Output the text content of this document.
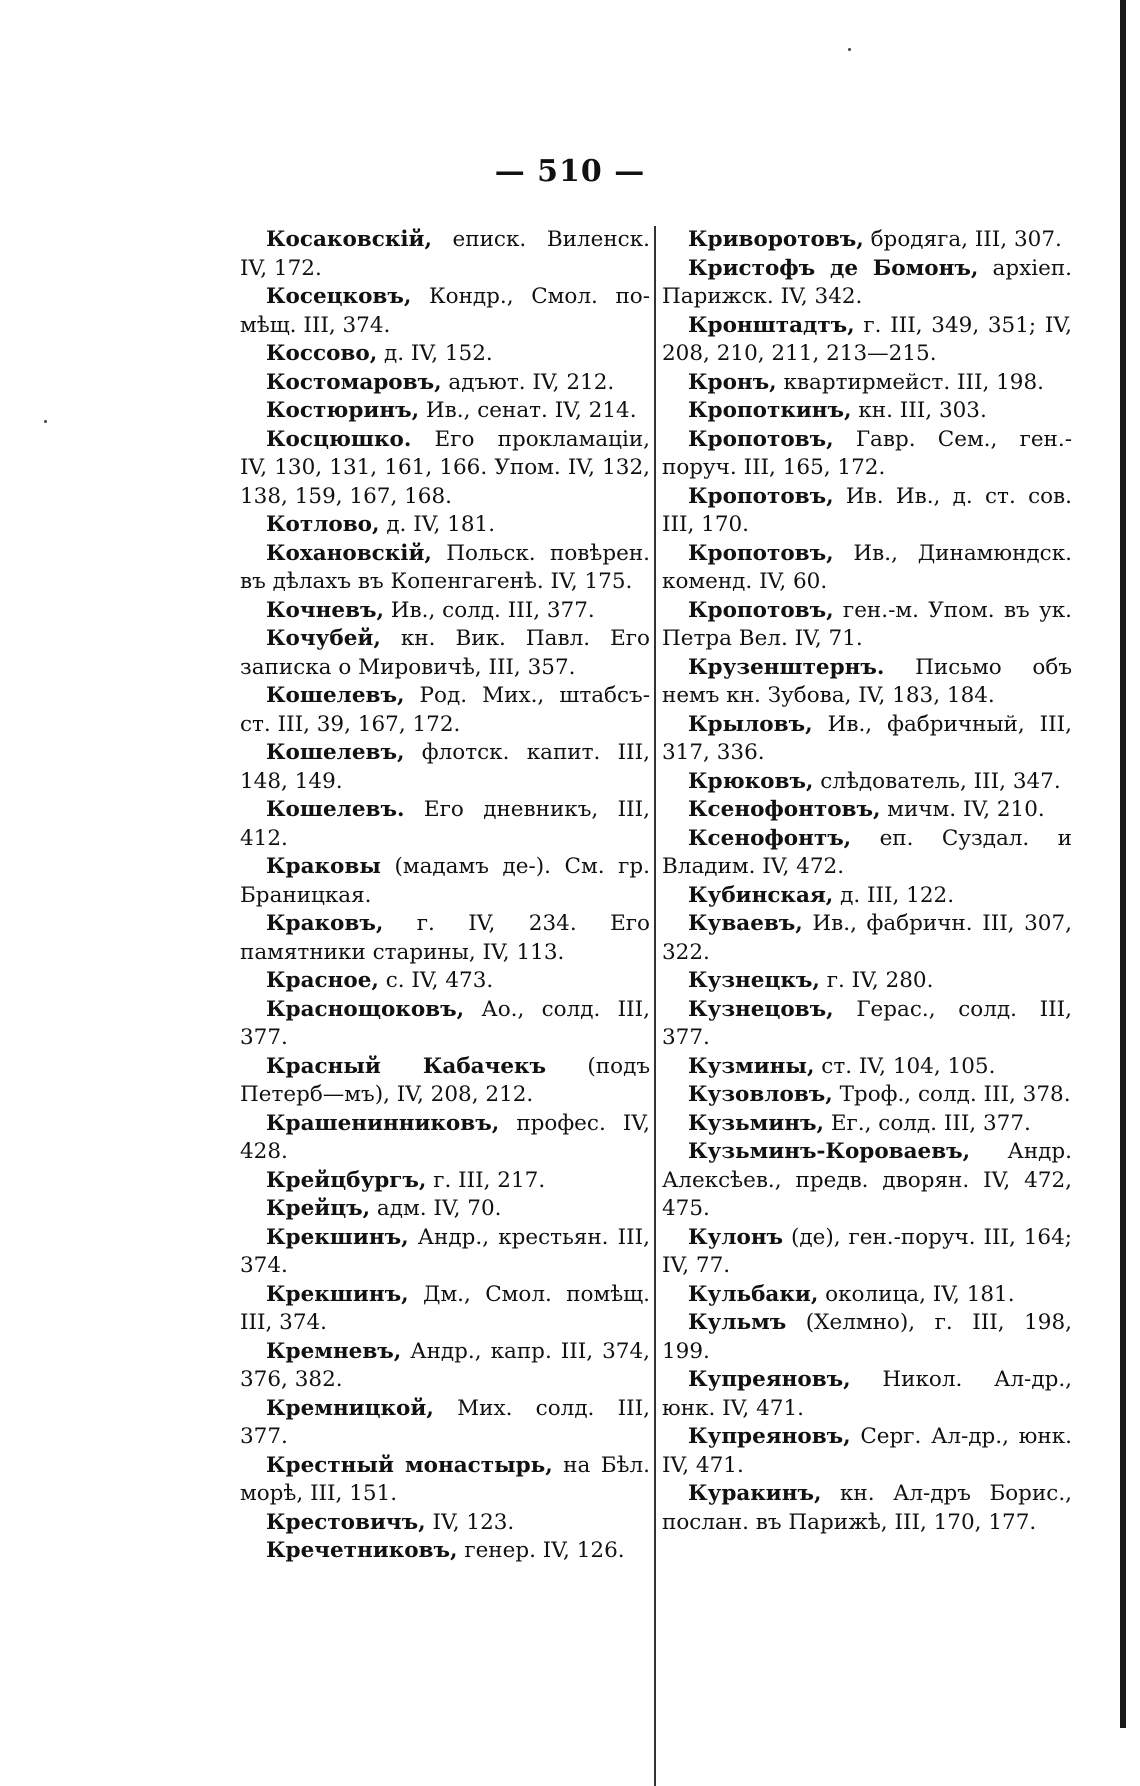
— 510 —

Косаковскій, еписк. Виленск. IV, 172.

Косецковъ, Кондр., Смол. по-мѣщ. III, 374.

Коссово, д. IV, 152.

Костомаровъ, адъют. IV, 212.

Костюринъ, Ив., сенат. IV, 214.

Косцюшко. Его прокламаціи, IV, 130, 131, 161, 166. Упом. IV, 132, 138, 159, 167, 168.

Котлово, д. IV, 181.

Кохановскій, Польск. повѣрен. въ дѣлахъ въ Копенгагенѣ. IV, 175.

Кочневъ, Ив., солд. III, 377.

Кочубей, кн. Вик. Павл. Его записка о Мировичѣ, III, 357.

Кошелевъ, Род. Мих., штабсъ-ст. III, 39, 167, 172.

Кошелевъ, флотск. капит. III, 148, 149.

Кошелевъ. Его дневникъ, III, 412.

Краковы (мадамъ де-). См. гр. Браницкая.

Краковъ, г. IV, 234. Его памятники старины, IV, 113.

Красное, с. IV, 473.

Краснощоковъ, Ао., солд. III, 377.

Красный Кабачекъ (подъ Петерб—мъ), IV, 208, 212.

Крашенинниковъ, профес. IV, 428.

Крейцбургъ, г. III, 217.

Крейцъ, адм. IV, 70.

Крекшинъ, Андр., крестьян. III, 374.

Крекшинъ, Дм., Смол. помѣщ. III, 374.

Кремневъ, Андр., капр. III, 374, 376, 382.

Кремницкой, Мих. солд. III, 377.

Крестный монастырь, на Бѣл. морѣ, III, 151.

Крестовичъ, IV, 123.

Кречетниковъ, генер. IV, 126.

Криворотовъ, бродяга, III, 307.

Кристофъ де Бомонъ, архіеп. Парижск. IV, 342.

Кронштадтъ, г. III, 349, 351; IV, 208, 210, 211, 213—215.

Кронъ, квартирмейст. III, 198.

Кропоткинъ, кн. III, 303.

Кропотовъ, Гавр. Сем., ген.-поруч. III, 165, 172.

Кропотовъ, Ив. Ив., д. ст. сов. III, 170.

Кропотовъ, Ив., Динамюндск. коменд. IV, 60.

Кропотовъ, ген.-м. Упом. въ ук. Петра Вел. IV, 71.

Крузенштернъ. Письмо объ немъ кн. Зубова, IV, 183, 184.

Крыловъ, Ив., фабричный, III, 317, 336.

Крюковъ, слѣдователь, III, 347.

Ксенофонтовъ, мичм. IV, 210.

Ксенофонтъ, еп. Суздал. и Владим. IV, 472.

Кубинская, д. III, 122.

Куваевъ, Ив., фабричн. III, 307, 322.

Кузнецкъ, г. IV, 280.

Кузнецовъ, Герас., солд. III, 377.

Кузмины, ст. IV, 104, 105.

Кузовловъ, Троф., солд. III, 378.

Кузьминъ, Ег., солд. III, 377.

Кузьминъ-Короваевъ, Андр. Алексѣев., предв. дворян. IV, 472, 475.

Кулонъ (де), ген.-поруч. III, 164; IV, 77.

Кульбаки, околица, IV, 181.

Кульмъ (Хелмно), г. III, 198, 199.

Купреяновъ, Никол. Ал-др., юнк. IV, 471.

Купреяновъ, Серг. Ал-др., юнк. IV, 471.

Куракинъ, кн. Ал-дръ Борис., послан. въ Парижѣ, III, 170, 177.
